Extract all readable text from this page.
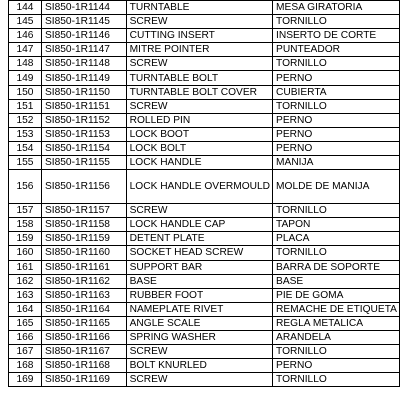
144	SI850-1R1144	TURNTABLE	MESA GIRATORIA
145	SI850-1R1145	SCREW	TORNILLO
146	SI850-1R1146	CUTTING INSERT	INSERTO DE CORTE
147	SI850-1R1147	MITRE POINTER	PUNTEADOR
148	SI850-1R1148	SCREW	TORNILLO
149	SI850-1R1149	TURNTABLE BOLT	PERNO
150	SI850-1R1150	TURNTABLE BOLT COVER	CUBIERTA
151	SI850-1R1151	SCREW	TORNILLO
152	SI850-1R1152	ROLLED PIN	PERNO
153	SI850-1R1153	LOCK BOOT	PERNO
154	SI850-1R1154	LOCK BOLT	PERNO
155	SI850-1R1155	LOCK HANDLE	MANIJA
156	SI850-1R1156	LOCK HANDLE OVERMOULD	MOLDE DE MANIJA
157	SI850-1R1157	SCREW	TORNILLO
158	SI850-1R1158	LOCK HANDLE CAP	TAPON
159	SI850-1R1159	DETENT PLATE	PLACA
160	SI850-1R1160	SOCKET HEAD SCREW	TORNILLO
161	SI850-1R1161	SUPPORT BAR	BARRA DE SOPORTE
162	SI850-1R1162	BASE	BASE
163	SI850-1R1163	RUBBER FOOT	PIE DE GOMA
164	SI850-1R1164	NAMEPLATE RIVET	REMACHE DE ETIQUETA
165	SI850-1R1165	ANGLE SCALE	REGLA METALICA
166	SI850-1R1166	SPRING WASHER	ARANDELA
167	SI850-1R1167	SCREW	TORNILLO
168	SI850-1R1168	BOLT KNURLED	PERNO
169	SI850-1R1169	SCREW	TORNILLO
